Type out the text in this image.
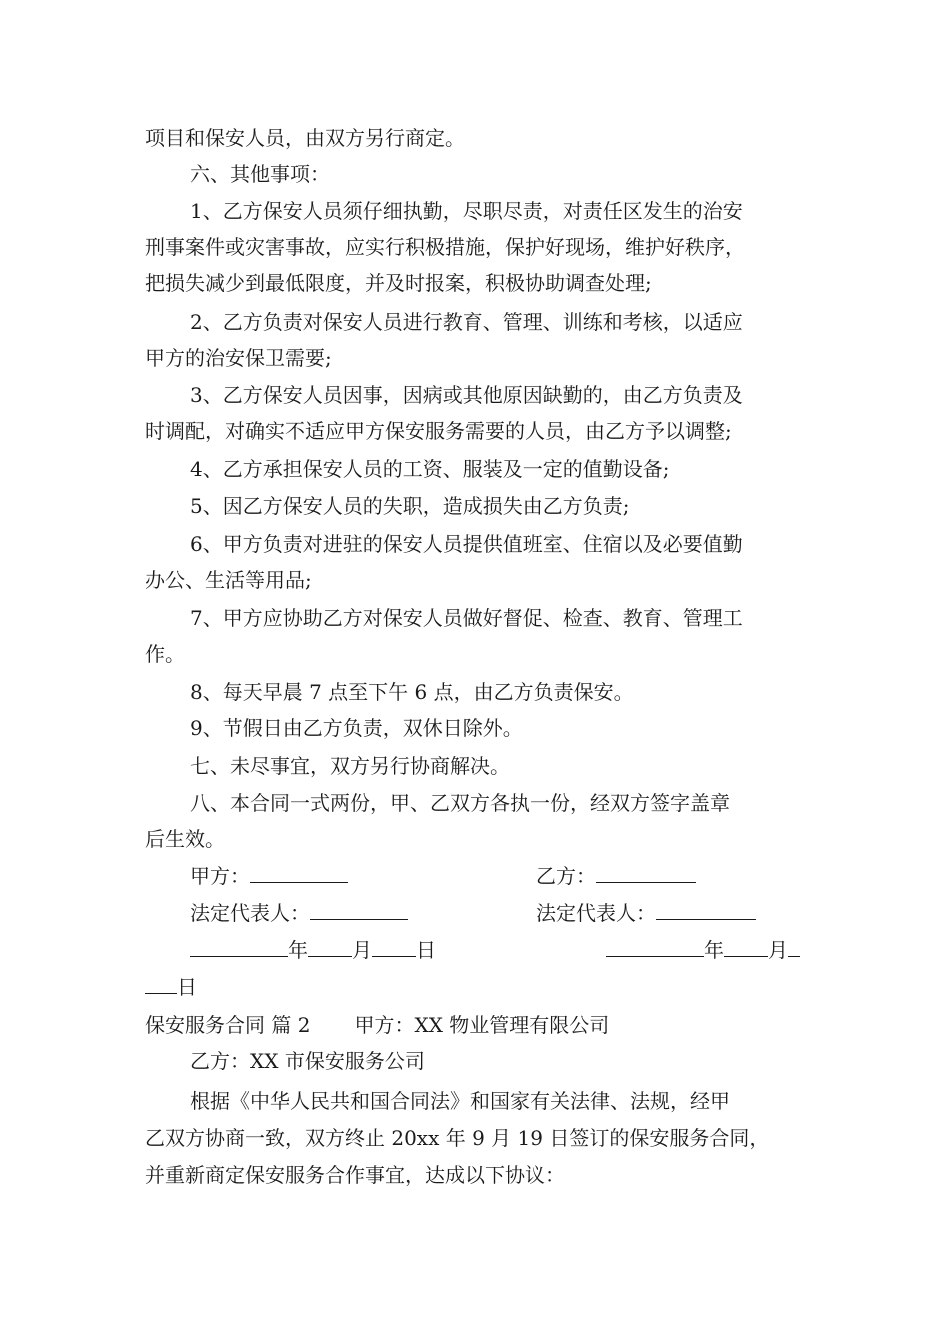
项目和保安人员，由双方另行商定。
六、其他事项：
1、乙方保安人员须仔细执勤，尽职尽责，对责任区发生的治安
刑事案件或灾害事故，应实行积极措施，保护好现场，维护好秩序，
把损失减少到最低限度，并及时报案，积极协助调查处理;
2、乙方负责对保安人员进行教育、管理、训练和考核，以适应
甲方的治安保卫需要;
3、乙方保安人员因事，因病或其他原因缺勤的，由乙方负责及
时调配，对确实不适应甲方保安服务需要的人员，由乙方予以调整;
4、乙方承担保安人员的工资、服装及一定的值勤设备;
5、因乙方保安人员的失职，造成损失由乙方负责;
6、甲方负责对进驻的保安人员提供值班室、住宿以及必要值勤
办公、生活等用品;
7、甲方应协助乙方对保安人员做好督促、检查、教育、管理工
作。
8、每天早晨 7 点至下午 6 点，由乙方负责保安。
9、节假日由乙方负责，双休日除外。
七、未尽事宜，双方另行协商解决。
八、本合同一式两份，甲、乙双方各执一份，经双方签字盖章
后生效。
甲方：	乙方：
法定代表人：	法定代表人：
年 月 日	年 月
日
保安服务合同 篇 2 甲方：XX 物业管理有限公司
乙方：XX 市保安服务公司
根据《中华人民共和国合同法》和国家有关法律、法规，经甲
乙双方协商一致，双方终止 20xx 年 9 月 19 日签订的保安服务合同，
并重新商定保安服务合作事宜，达成以下协议：
